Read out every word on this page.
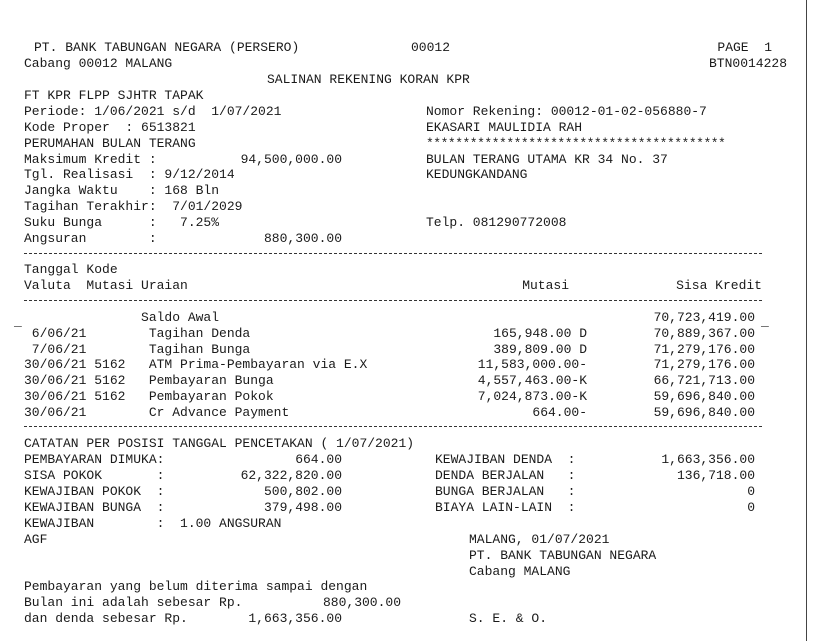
PT. BANK TABUNGAN NEGARA (PERSERO)	00012	PAGE  1
Cabang 00012 MALANG	BTN0014228
SALINAN REKENING KORAN KPR
FT KPR FLPP SJHTR TAPAK
Periode: 1/06/2021 s/d  1/07/2021
Kode Proper  : 6513821
PERUMAHAN BULAN TERANG
Maksimum Kredit :	94,500,000.00
Tgl. Realisasi  : 9/12/2014
Jangka Waktu    : 168 Bln
Tagihan Terakhir:  7/01/2029
Suku Bunga      :   7.25%
Angsuran        :	880,300.00
Nomor Rekening: 00012-01-02-056880-7
EKASARI MAULIDIA RAH
*****************************************
BULAN TERANG UTAMA KR 34 No. 37
KEDUNGKANDANG
Telp. 081290772008
Tanggal Kode
Valuta  Mutasi Uraian	Mutasi	Sisa Kredit
_	_
Saldo Awal	70,723,419.00
6/06/21        Tagihan Denda	165,948.00 D	70,889,367.00
7/06/21        Tagihan Bunga	389,809.00 D	71,279,176.00
30/06/21 5162   ATM Prima-Pembayaran via E.X	11,583,000.00-	71,279,176.00
30/06/21 5162   Pembayaran Bunga	4,557,463.00-K	66,721,713.00
30/06/21 5162   Pembayaran Pokok	7,024,873.00-K	59,696,840.00
30/06/21        Cr Advance Payment	664.00-	59,696,840.00
CATATAN PER POSISI TANGGAL PENCETAKAN ( 1/07/2021)
PEMBAYARAN DIMUKA:	664.00
SISA POKOK       :	62,322,820.00
KEWAJIBAN POKOK  :	500,802.00
KEWAJIBAN BUNGA  :	379,498.00
KEWAJIBAN DENDA  :	1,663,356.00
DENDA BERJALAN   :	136,718.00
BUNGA BERJALAN   :	0
BIAYA LAIN-LAIN  :	0
KEWAJIBAN        :  1.00 ANGSURAN
AGF	MALANG, 01/07/2021
PT. BANK TABUNGAN NEGARA
Cabang MALANG
Pembayaran yang belum diterima sampai dengan
Bulan ini adalah sebesar Rp.	880,300.00
dan denda sebesar Rp.	1,663,356.00	S. E. & O.
